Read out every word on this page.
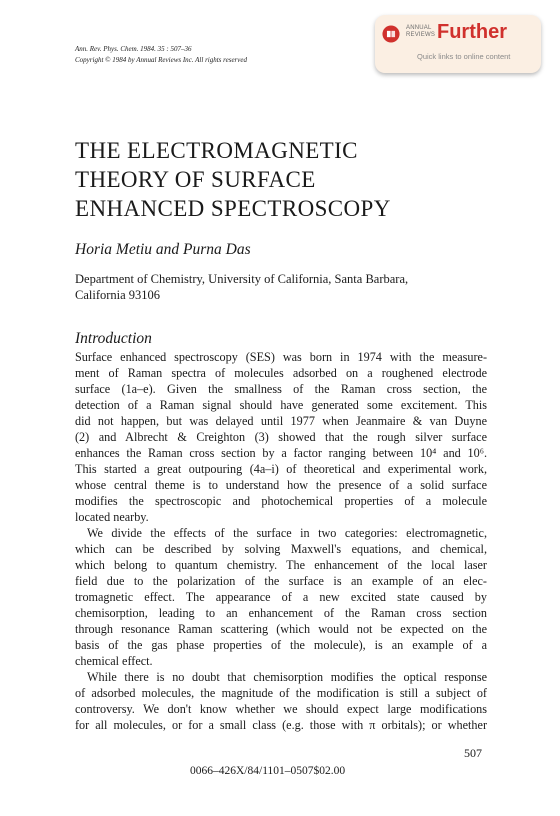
Ann. Rev. Phys. Chem. 1984. 35 : 507–36
Copyright © 1984 by Annual Reviews Inc. All rights reserved
ANNUAL
REVIEWS Further
Quick links to online content
THE ELECTROMAGNETIC
THEORY OF SURFACE
ENHANCED SPECTROSCOPY
Horia Metiu and Purna Das
Department of Chemistry, University of California, Santa Barbara,
California 93106
Introduction
Surface enhanced spectroscopy (SES) was born in 1974 with the measure-
ment of Raman spectra of molecules adsorbed on a roughened electrode
surface (1a–e). Given the smallness of the Raman cross section, the
detection of a Raman signal should have generated some excitement. This
did not happen, but was delayed until 1977 when Jeanmaire & van Duyne
(2) and Albrecht & Creighton (3) showed that the rough silver surface
enhances the Raman cross section by a factor ranging between 10⁴ and 10⁶.
This started a great outpouring (4a–i) of theoretical and experimental work,
whose central theme is to understand how the presence of a solid surface
modifies the spectroscopic and photochemical properties of a molecule
located nearby.
We divide the effects of the surface in two categories: electromagnetic,
which can be described by solving Maxwell's equations, and chemical,
which belong to quantum chemistry. The enhancement of the local laser
field due to the polarization of the surface is an example of an elec-
tromagnetic effect. The appearance of a new excited state caused by
chemisorption, leading to an enhancement of the Raman cross section
through resonance Raman scattering (which would not be expected on the
basis of the gas phase properties of the molecule), is an example of a
chemical effect.
While there is no doubt that chemisorption modifies the optical response
of adsorbed molecules, the magnitude of the modification is still a subject of
controversy. We don't know whether we should expect large modifications
for all molecules, or for a small class (e.g. those with π orbitals); or whether
507
0066–426X/84/1101–0507$02.00
